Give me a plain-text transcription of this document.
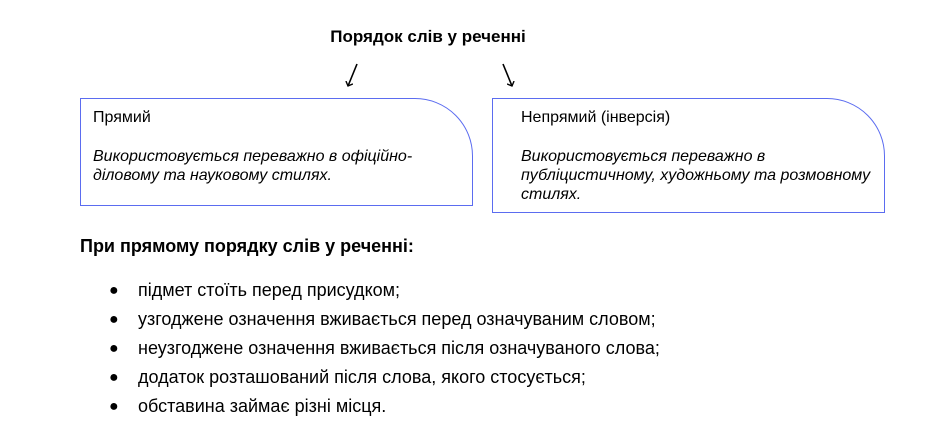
Порядок слів у реченні
Прямий
Використовується переважно в офіційно-діловому та науковому стилях.
Непрямий (інверсія)
Використовується переважно в публіцистичному, художньому та розмовному стилях.
При прямому порядку слів у реченні:
● підмет стоїть перед присудком;
● узгоджене означення вживається перед означуваним словом;
● неузгоджене означення вживається після означуваного слова;
● додаток розташований після слова, якого стосується;
● обставина займає різні місця.
